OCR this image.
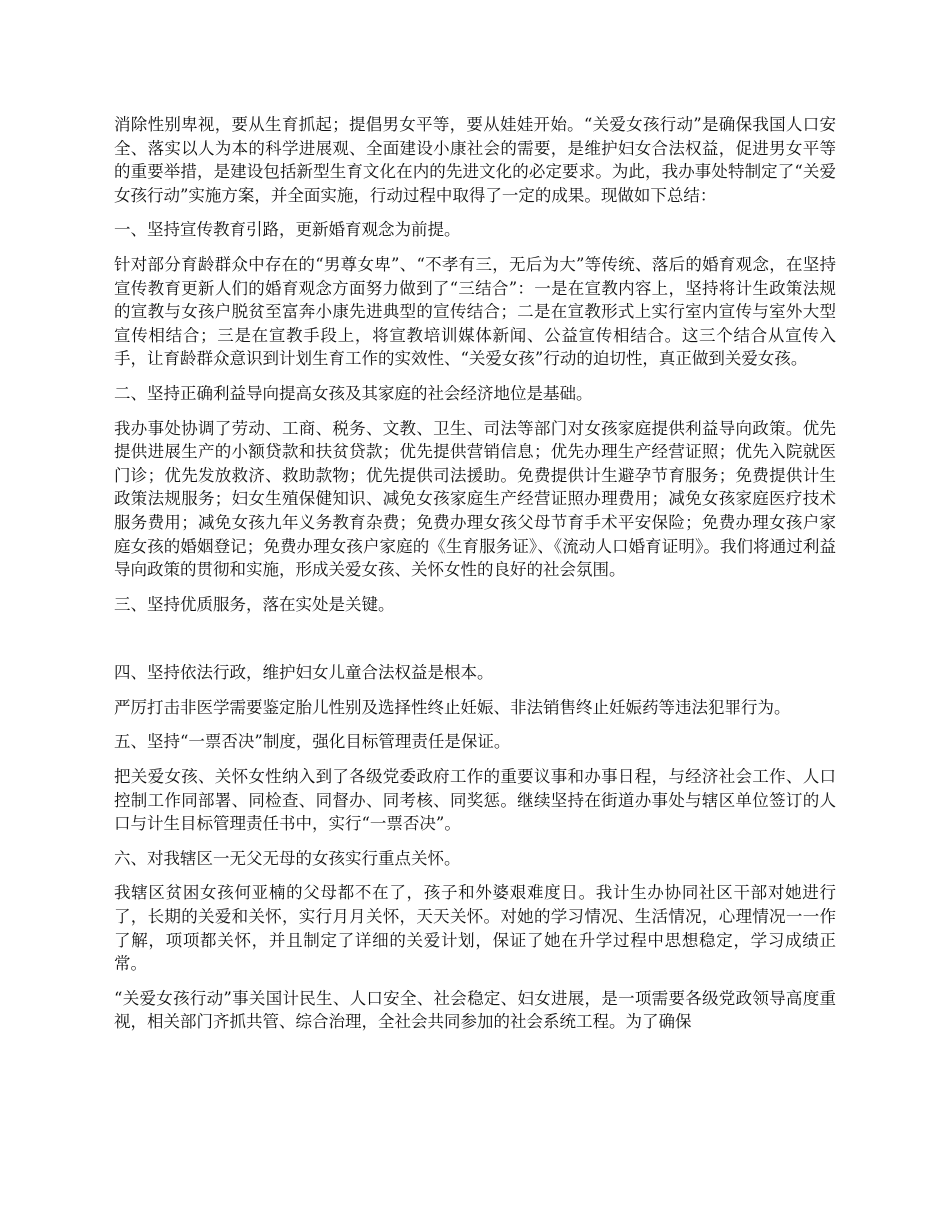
消除性别卑视，要从生育抓起；提倡男女平等，要从娃娃开始。“关爱女孩行动”是确保我国人口安全、落实以人为本的科学进展观、全面建设小康社会的需要，是维护妇女合法权益，促进男女平等的重要举措，是建设包括新型生育文化在内的先进文化的必定要求。为此，我办事处特制定了“关爱女孩行动”实施方案，并全面实施，行动过程中取得了一定的成果。现做如下总结：

一、坚持宣传教育引路，更新婚育观念为前提。

针对部分育龄群众中存在的“男尊女卑”、“不孝有三，无后为大”等传统、落后的婚育观念，在坚持宣传教育更新人们的婚育观念方面努力做到了“三结合”：一是在宣教内容上，坚持将计生政策法规的宣教与女孩户脱贫至富奔小康先进典型的宣传结合；二是在宣教形式上实行室内宣传与室外大型宣传相结合；三是在宣教手段上，将宣教培训媒体新闻、公益宣传相结合。这三个结合从宣传入手，让育龄群众意识到计划生育工作的实效性、“关爱女孩”行动的迫切性，真正做到关爱女孩。

二、坚持正确利益导向提高女孩及其家庭的社会经济地位是基础。

我办事处协调了劳动、工商、税务、文教、卫生、司法等部门对女孩家庭提供利益导向政策。优先提供进展生产的小额贷款和扶贫贷款；优先提供营销信息；优先办理生产经营证照；优先入院就医门诊；优先发放救济、救助款物；优先提供司法援助。免费提供计生避孕节育服务；免费提供计生政策法规服务；妇女生殖保健知识、减免女孩家庭生产经营证照办理费用；减免女孩家庭医疗技术服务费用；减免女孩九年义务教育杂费；免费办理女孩父母节育手术平安保险；免费办理女孩户家庭女孩的婚姻登记；免费办理女孩户家庭的《生育服务证》、《流动人口婚育证明》。我们将通过利益导向政策的贯彻和实施，形成关爱女孩、关怀女性的良好的社会氛围。

三、坚持优质服务，落在实处是关键。

四、坚持依法行政，维护妇女儿童合法权益是根本。

严厉打击非医学需要鉴定胎儿性别及选择性终止妊娠、非法销售终止妊娠药等违法犯罪行为。

五、坚持“一票否决”制度，强化目标管理责任是保证。

把关爱女孩、关怀女性纳入到了各级党委政府工作的重要议事和办事日程，与经济社会工作、人口控制工作同部署、同检查、同督办、同考核、同奖惩。继续坚持在街道办事处与辖区单位签订的人口与计生目标管理责任书中，实行“一票否决”。

六、对我辖区一无父无母的女孩实行重点关怀。

我辖区贫困女孩何亚楠的父母都不在了，孩子和外婆艰难度日。我计生办协同社区干部对她进行了，长期的关爱和关怀，实行月月关怀，天天关怀。对她的学习情况、生活情况，心理情况一一作了解，项项都关怀，并且制定了详细的关爱计划，保证了她在升学过程中思想稳定，学习成绩正常。

“关爱女孩行动”事关国计民生、人口安全、社会稳定、妇女进展，是一项需要各级党政领导高度重视，相关部门齐抓共管、综合治理，全社会共同参加的社会系统工程。为了确保
